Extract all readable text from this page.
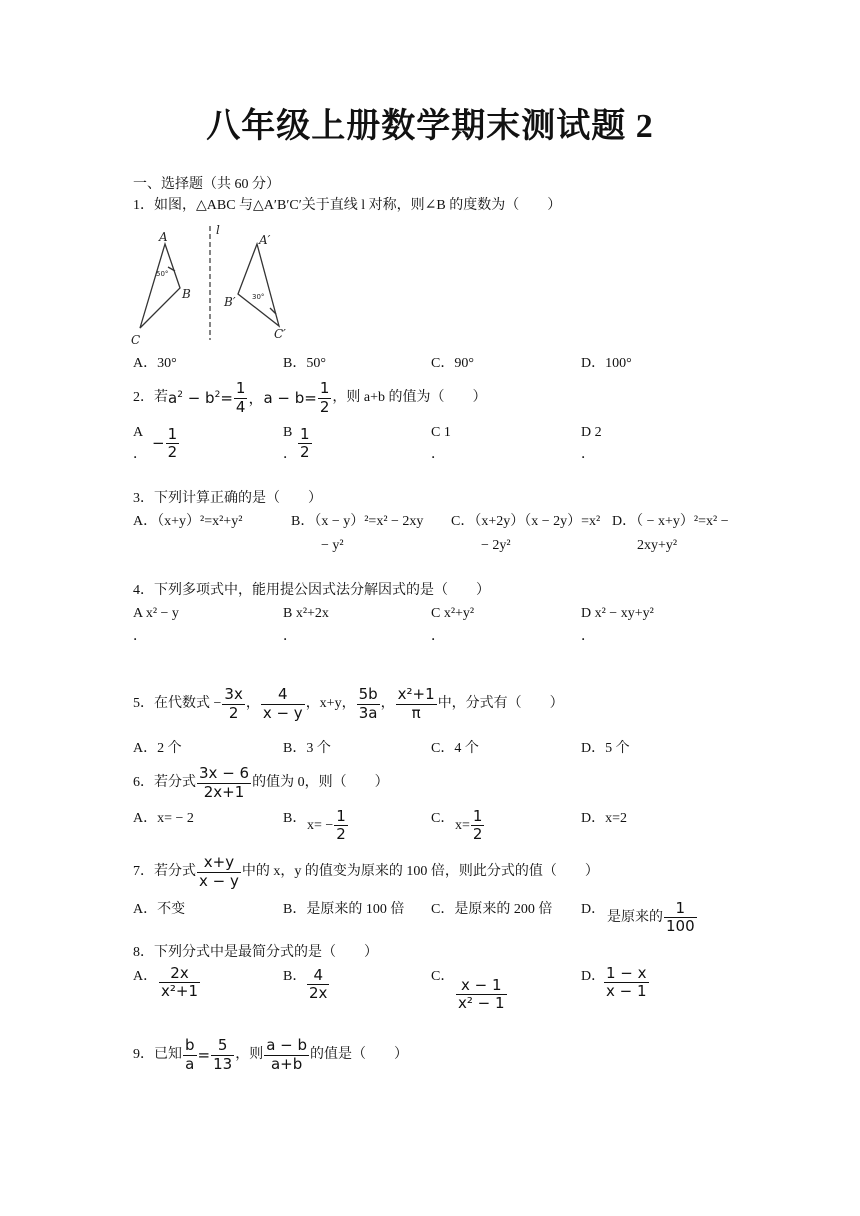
八年级上册数学期末测试题 2
一、选择题（共 60 分）
1．如图，△ABC 与△A′B′C′关于直线 l 对称，则∠B 的度数为（　　）
A
B
C
A′
B′
C′
l
50°
30°
A．30°	B．50°	C．90°	D．100°
2．若 $a^2 - b^2= \frac{1}{4}$ ，$a - b= \frac{1}{2}$ ，则 a+b 的值为（　　）
A
．
− $\frac{1}{2}$	B
． $\frac{1}{2}$	C 1
．
D 2
．
3．下列计算正确的是（　　）
A．（x+y）²=x²+y²	B．（x − y）²=x² − 2xy
− y²
C．（x+2y）（x − 2y）=x²
− 2y²
D．（ − x+y）²=x² −
2xy+y²
4．下列多项式中，能用提公因式法分解因式的是（　　）
A x² − y
．
B x²+2x
．
C x²+y²
．
D x² − xy+y²
．
5．在代数式 − $\frac{3x}{2}$ ， $\frac{4}{x - y}$ ，x+y， $\frac{5b}{3a}$ ， $\frac{\text{x²+1}}{\pi}$ 中，分式有（　　）
A．2 个	B．3 个	C．4 个	D．5 个
6．若分式 $\frac{3x - 6}{2x+1}$ 的值为 0，则（　　）
A．x= − 2	B． $x= - \frac{1}{2}$	C． $x= \frac{1}{2}$	D．x=2
7．若分式 $\frac{x+y}{x - y}$ 中的 x，y 的值变为原来的 100 倍，则此分式的值（　　）
A．不变	B．是原来的 100 倍 C．是原来的 200 倍 D．
是原来的 $\frac{1}{100}$
8．下列分式中是最简分式的是（　　）
A． $\frac{2x}{\text{x²+1}}$	B． $\frac{4}{2x}$	C．
$\frac{x - 1}{\text{x² − 1}}$
D．
$\frac{1 - x}{x - 1}$
9．已知 $\frac{b}{a} = \frac{5}{13}$ ，则 $\frac{a - b}{a+b}$ 的值是（　　）
